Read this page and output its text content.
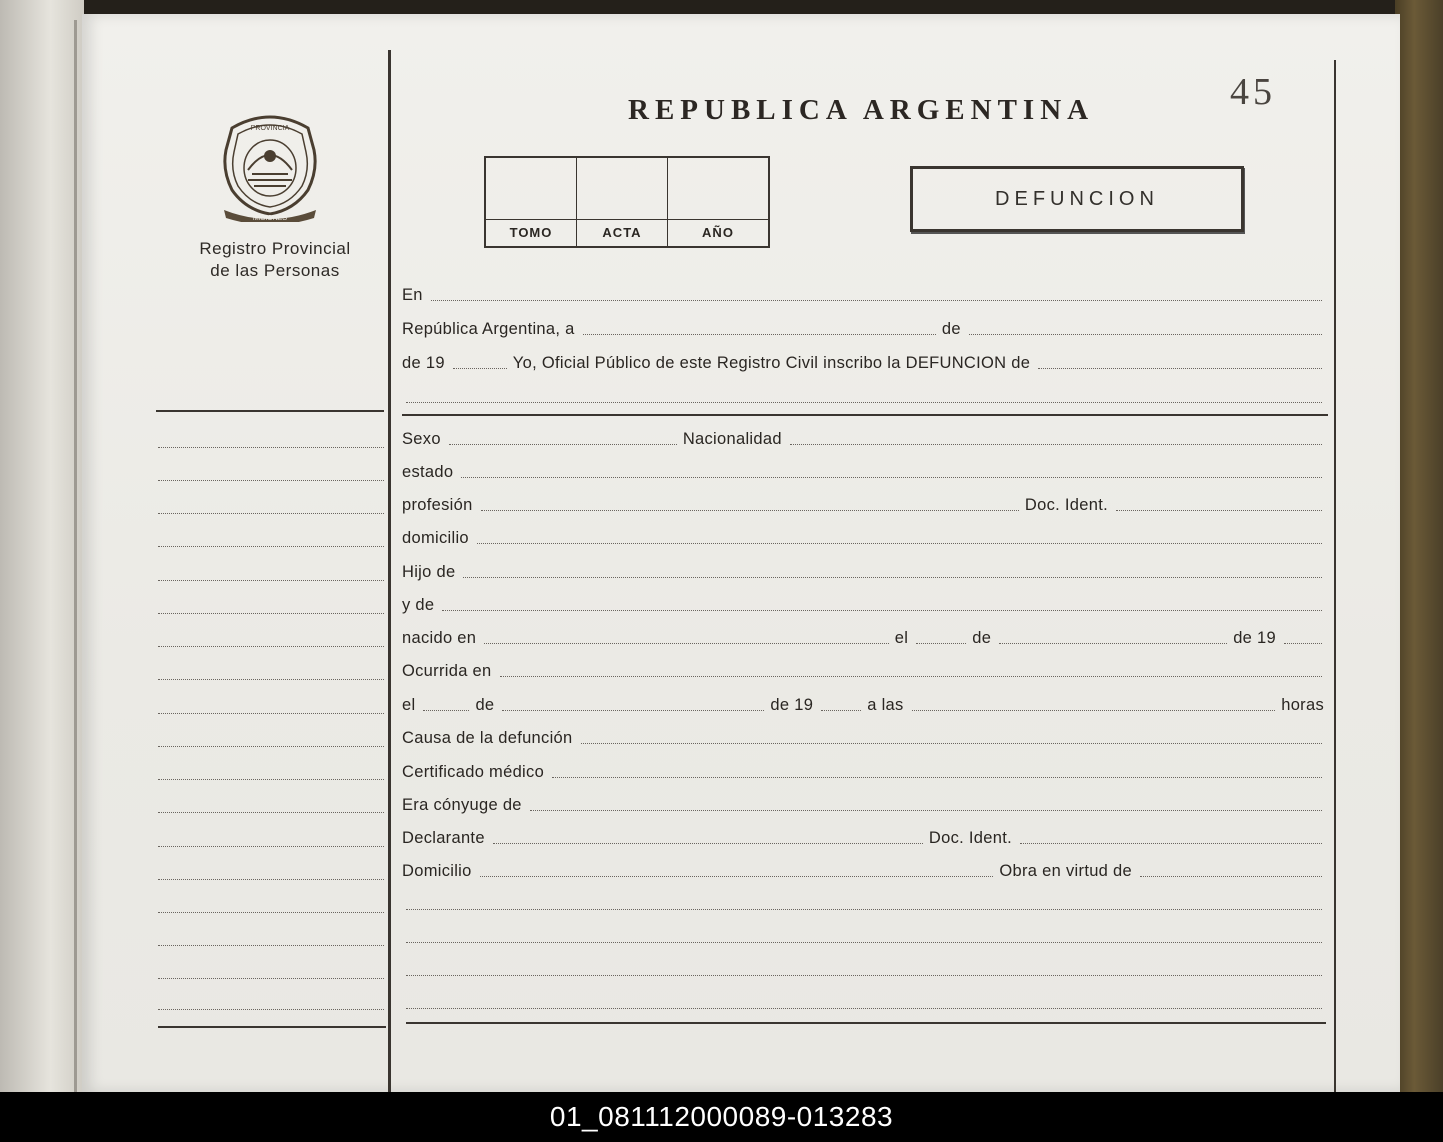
REPUBLICA ARGENTINA	45
PROVINCIA
MISIONES
Registro Provincial
de las Personas
TOMO	ACTA	AÑO
DEFUNCION
En
República Argentina, a	de
de 19	Yo, Oficial Público de este Registro Civil inscribo la DEFUNCION de
Sexo	Nacionalidad
estado
profesión	Doc. Ident.
domicilio
Hijo de
y de
nacido en	el	de	de 19
Ocurrida en
el	de	de 19	a las	horas
Causa de la defunción
Certificado médico
Era cónyuge de
Declarante	Doc. Ident.
Domicilio	Obra en virtud de
01_081112000089-013283
